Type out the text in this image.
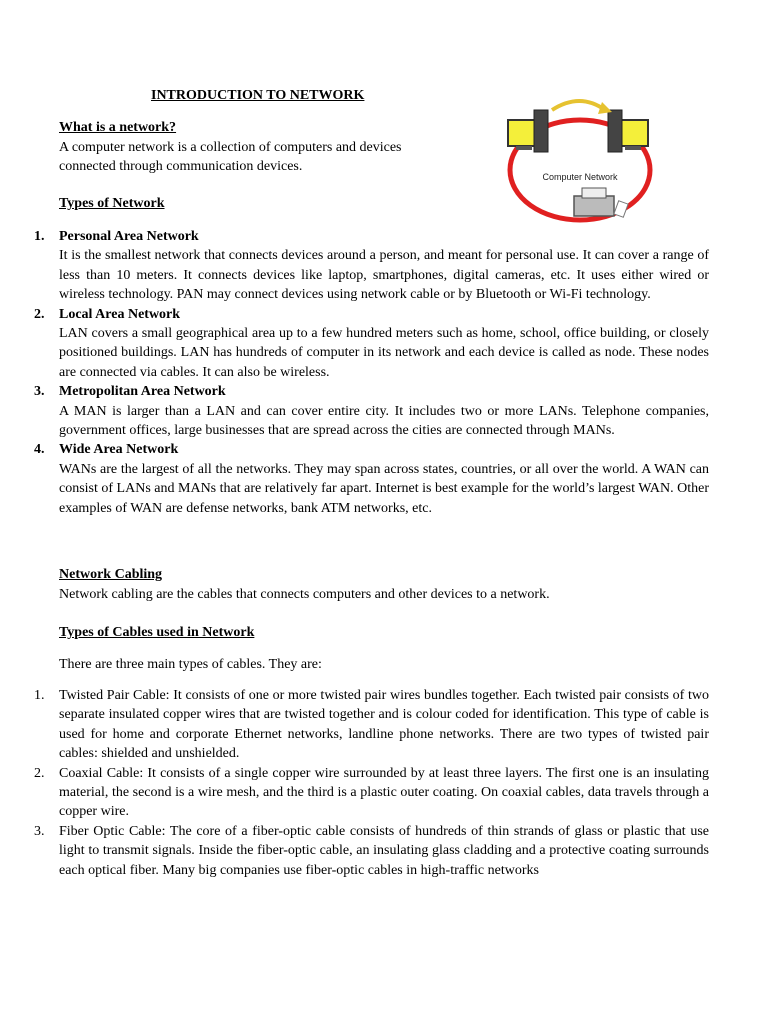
INTRODUCTION TO NETWORK
What is a network?
A computer network is a collection of computers and devices connected through communication devices.
Computer Network
Types of Network
1. Personal Area Network
It is the smallest network that connects devices around a person, and meant for personal use. It can cover a range of less than 10 meters. It connects devices like laptop, smartphones, digital cameras, etc. It uses either wired or wireless technology. PAN may connect devices using network cable or by Bluetooth or Wi-Fi technology.
2. Local Area Network
LAN covers a small geographical area up to a few hundred meters such as home, school, office building, or closely positioned buildings. LAN has hundreds of computer in its network and each device is called as node. These nodes are connected via cables. It can also be wireless.
3. Metropolitan Area Network
A MAN is larger than a LAN and can cover entire city. It includes two or more LANs. Telephone companies, government offices, large businesses that are spread across the cities are connected through MANs.
4. Wide Area Network
WANs are the largest of all the networks. They may span across states, countries, or all over the world. A WAN can consist of LANs and MANs that are relatively far apart. Internet is best example for the world’s largest WAN. Other examples of WAN are defense networks, bank ATM networks, etc.
Network Cabling
Network cabling are the cables that connects computers and other devices to a network.
Types of Cables used in Network
There are three main types of cables. They are:
1. Twisted Pair Cable: It consists of one or more twisted pair wires bundles together. Each twisted pair consists of two separate insulated copper wires that are twisted together and is colour coded for identification. This type of cable is used for home and corporate Ethernet networks, landline phone networks. There are two types of twisted pair cables: shielded and unshielded.
2. Coaxial Cable: It consists of a single copper wire surrounded by at least three layers. The first one is an insulating material, the second is a wire mesh, and the third is a plastic outer coating. On coaxial cables, data travels through a copper wire.
3. Fiber Optic Cable: The core of a fiber-optic cable consists of hundreds of thin strands of glass or plastic that use light to transmit signals. Inside the fiber-optic cable, an insulating glass cladding and a protective coating surrounds each optical fiber. Many big companies use fiber-optic cables in high-traffic networks
